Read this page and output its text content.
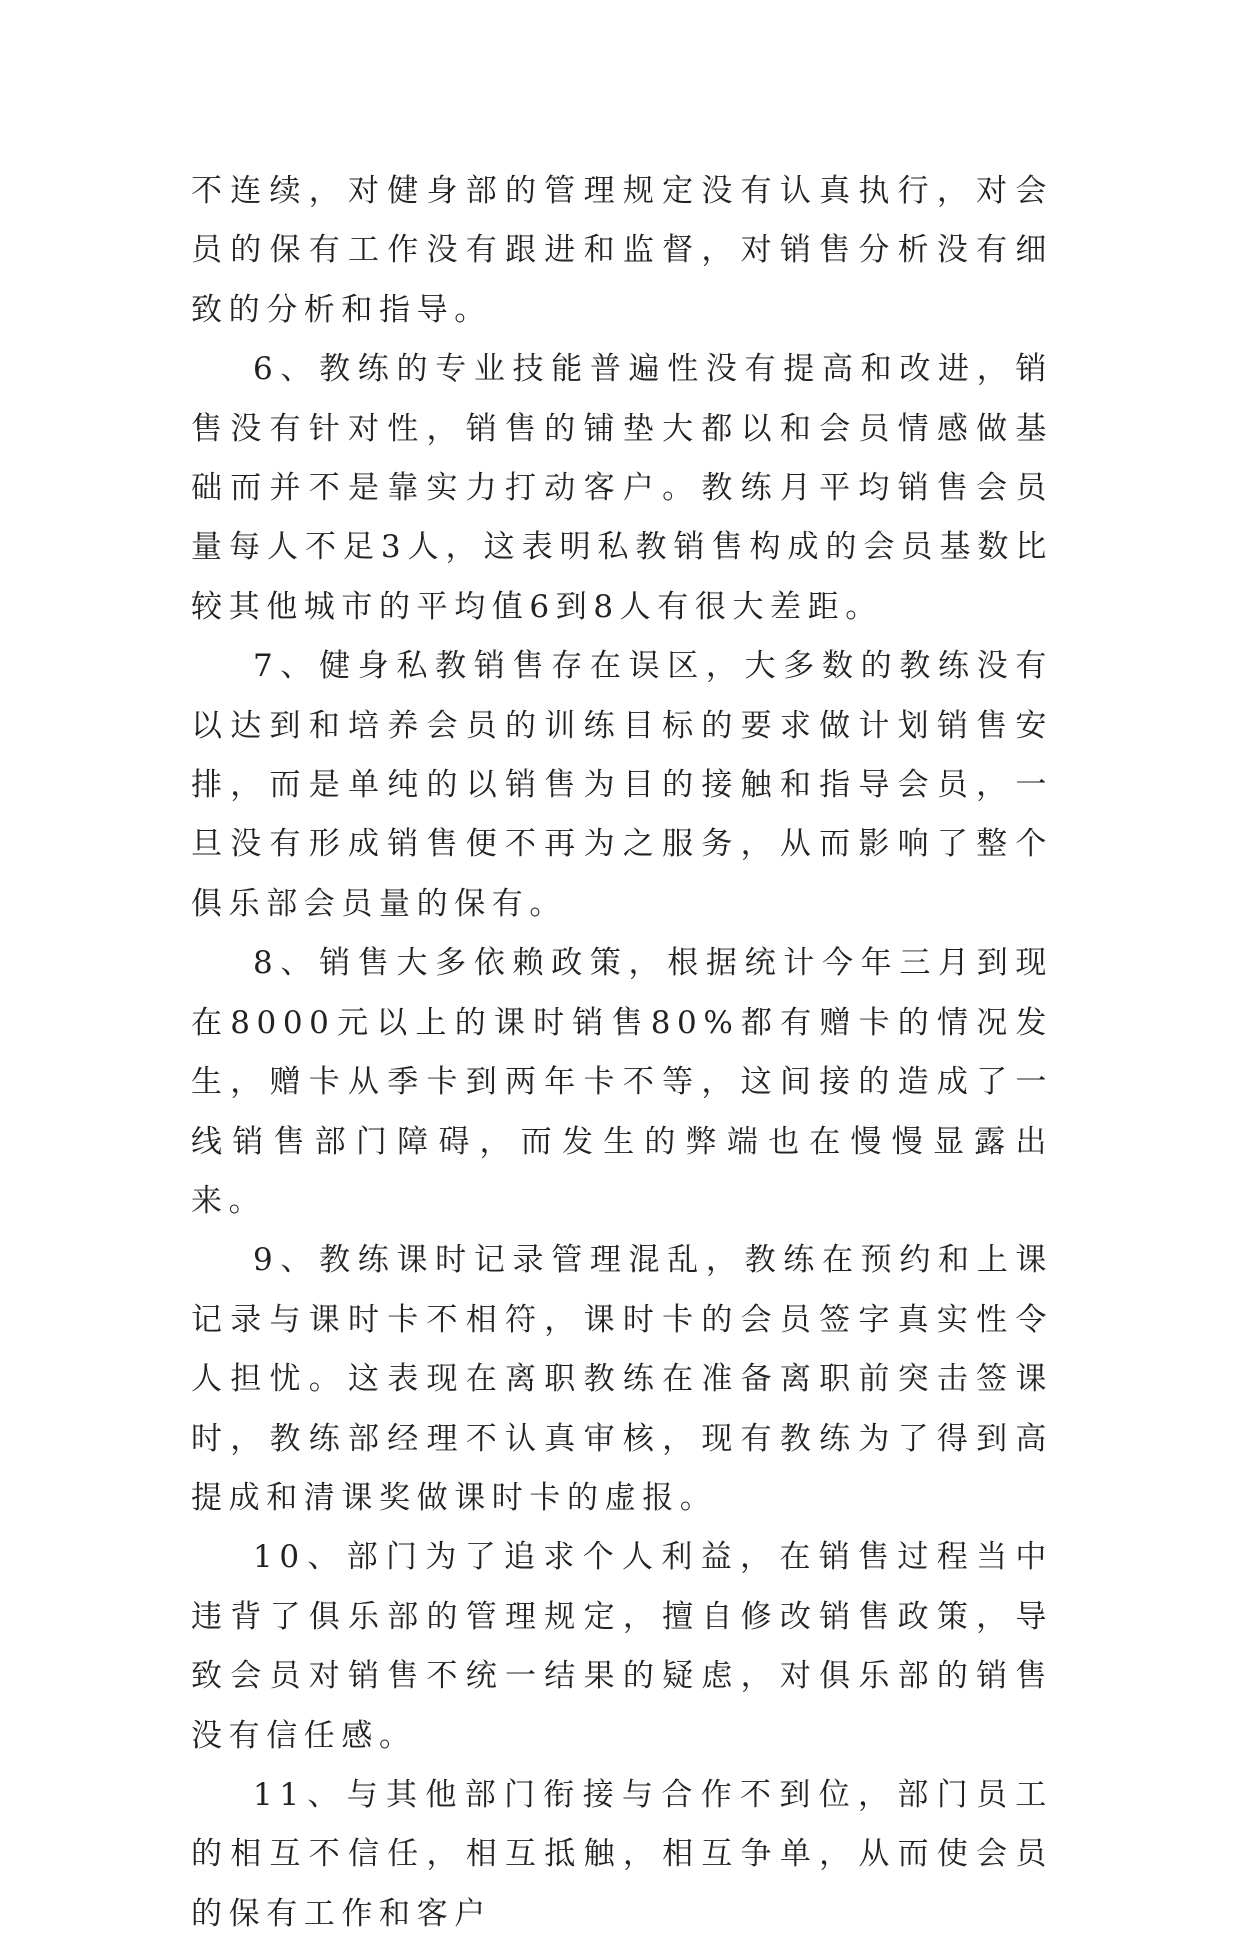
不连续，对健身部的管理规定没有认真执行，对会员的保有工作没有跟进和监督，对销售分析没有细致的分析和指导。

6、教练的专业技能普遍性没有提高和改进，销售没有针对性，销售的铺垫大都以和会员情感做基础而并不是靠实力打动客户。教练月平均销售会员量每人不足3人，这表明私教销售构成的会员基数比较其他城市的平均值6到8人有很大差距。

7、健身私教销售存在误区，大多数的教练没有以达到和培养会员的训练目标的要求做计划销售安排，而是单纯的以销售为目的接触和指导会员，一旦没有形成销售便不再为之服务，从而影响了整个俱乐部会员量的保有。

8、销售大多依赖政策，根据统计今年三月到现在8000元以上的课时销售80%都有赠卡的情况发生，赠卡从季卡到两年卡不等，这间接的造成了一线销售部门障碍，而发生的弊端也在慢慢显露出来。

9、教练课时记录管理混乱，教练在预约和上课记录与课时卡不相符，课时卡的会员签字真实性令人担忧。这表现在离职教练在准备离职前突击签课时，教练部经理不认真审核，现有教练为了得到高提成和清课奖做课时卡的虚报。

10、部门为了追求个人利益，在销售过程当中违背了俱乐部的管理规定，擅自修改销售政策，导致会员对销售不统一结果的疑虑，对俱乐部的销售没有信任感。

11、与其他部门衔接与合作不到位，部门员工的相互不信任，相互抵触，相互争单，从而使会员的保有工作和客户
